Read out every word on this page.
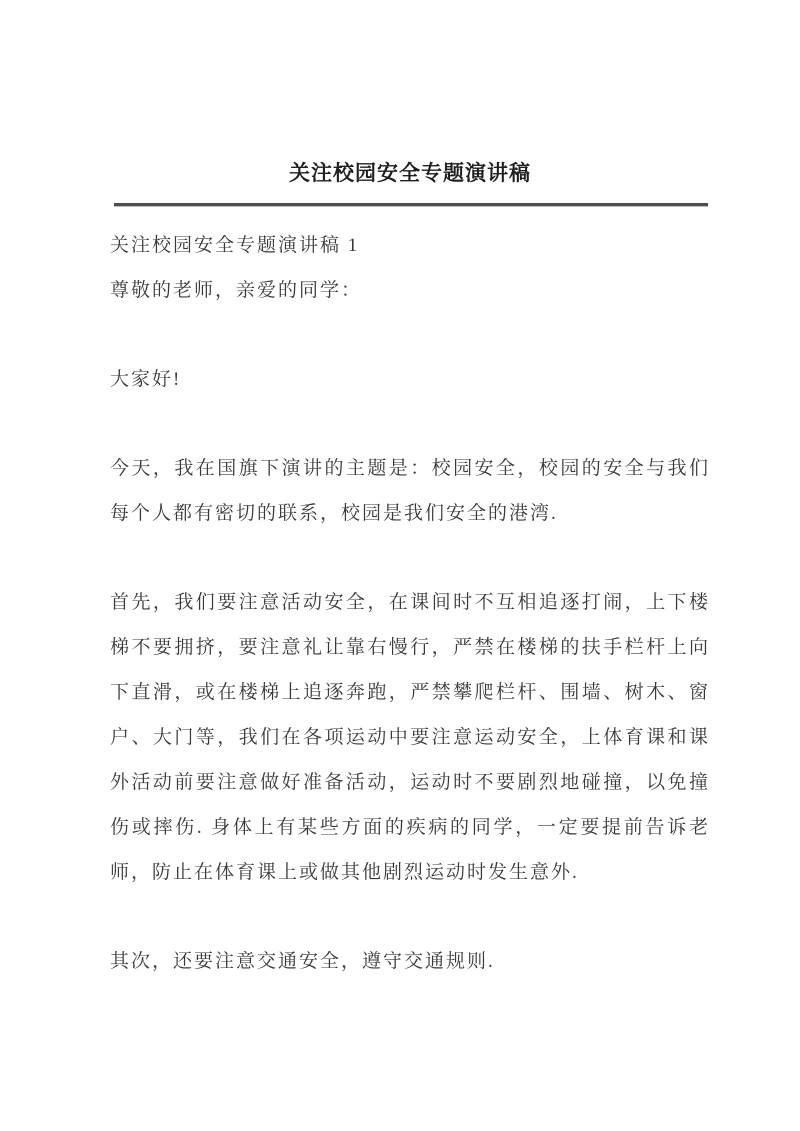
关注校园安全专题演讲稿

关注校园安全专题演讲稿 1

尊敬的老师，亲爱的同学：

大家好!

今天，我在国旗下演讲的主题是：校园安全，校园的安全与我们每个人都有密切的联系，校园是我们安全的港湾.

首先，我们要注意活动安全，在课间时不互相追逐打闹，上下楼梯不要拥挤，要注意礼让靠右慢行，严禁在楼梯的扶手栏杆上向下直滑，或在楼梯上追逐奔跑，严禁攀爬栏杆、围墙、树木、窗户、大门等，我们在各项运动中要注意运动安全，上体育课和课外活动前要注意做好准备活动，运动时不要剧烈地碰撞，以免撞伤或摔伤. 身体上有某些方面的疾病的同学，一定要提前告诉老师，防止在体育课上或做其他剧烈运动时发生意外.

其次，还要注意交通安全，遵守交通规则.
